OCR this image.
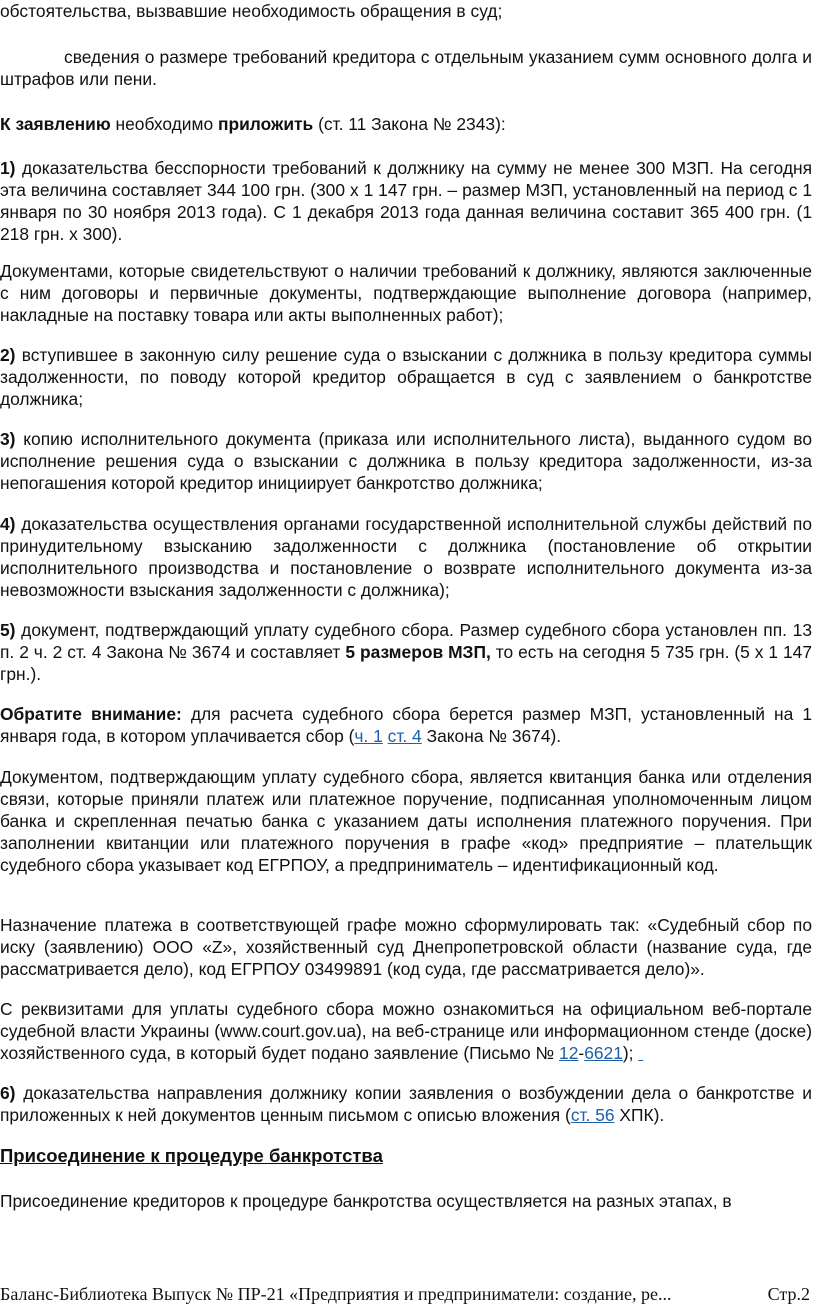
обстоятельства, вызвавшие необходимость обращения в суд;
сведения о размере требований кредитора с отдельным указанием сумм основного долга и штрафов или пени.
К заявлению необходимо приложить (ст. 11 Закона № 2343):
1) доказательства бесспорности требований к должнику на сумму не менее 300 МЗП. На сегодня эта величина составляет 344 100 грн. (300 х 1 147 грн. – размер МЗП, установленный на период с 1 января по 30 ноября 2013 года). С 1 декабря 2013 года данная величина составит 365 400 грн. (1 218 грн. х 300).
Документами, которые свидетельствуют о наличии требований к должнику, являются заключенные с ним договоры и первичные документы, подтверждающие выполнение договора (например, накладные на поставку товара или акты выполненных работ);
2) вступившее в законную силу решение суда о взыскании с должника в пользу кредитора суммы задолженности, по поводу которой кредитор обращается в суд с заявлением о банкротстве должника;
3) копию исполнительного документа (приказа или исполнительного листа), выданного судом во исполнение решения суда о взыскании с должника в пользу кредитора задолженности, из-за непогашения которой кредитор инициирует банкротство должника;
4) доказательства осуществления органами государственной исполнительной службы действий по принудительному взысканию задолженности с должника (постановление об открытии исполнительного производства и постановление о возврате исполнительного документа из-за невозможности взыскания задолженности с должника);
5) документ, подтверждающий уплату судебного сбора. Размер судебного сбора установлен пп. 13 п. 2 ч. 2 ст. 4 Закона № 3674 и составляет 5 размеров МЗП, то есть на сегодня 5 735 грн. (5 х 1 147 грн.).
Обратите внимание: для расчета судебного сбора берется размер МЗП, установленный на 1 января года, в котором уплачивается сбор (ч. 1 ст. 4 Закона № 3674).
Документом, подтверждающим уплату судебного сбора, является квитанция банка или отделения связи, которые приняли платеж или платежное поручение, подписанная уполномоченным лицом банка и скрепленная печатью банка с указанием даты исполнения платежного поручения. При заполнении квитанции или платежного поручения в графе «код» предприятие – плательщик судебного сбора указывает код ЕГРПОУ, а предприниматель – идентификационный код.
Назначение платежа в соответствующей графе можно сформулировать так: «Судебный сбор по иску (заявлению) ООО «Z», хозяйственный суд Днепропетровской области (название суда, где рассматривается дело), код ЕГРПОУ 03499891 (код суда, где рассматривается дело)».
С реквизитами для уплаты судебного сбора можно ознакомиться на официальном веб-портале судебной власти Украины (www.court.gov.ua), на веб-странице или информационном стенде (доске) хозяйственного суда, в который будет подано заявление (Письмо № 12-6621);
6) доказательства направления должнику копии заявления о возбуждении дела о банкротстве и приложенных к ней документов ценным письмом с описью вложения (ст. 56 ХПК).
Присоединение к процедуре банкротства
Присоединение кредиторов к процедуре банкротства осуществляется на разных этапах, в
Баланс-Библиотека Выпуск № ПР-21 «Предприятия и предприниматели: создание, ре...	Стр.2
